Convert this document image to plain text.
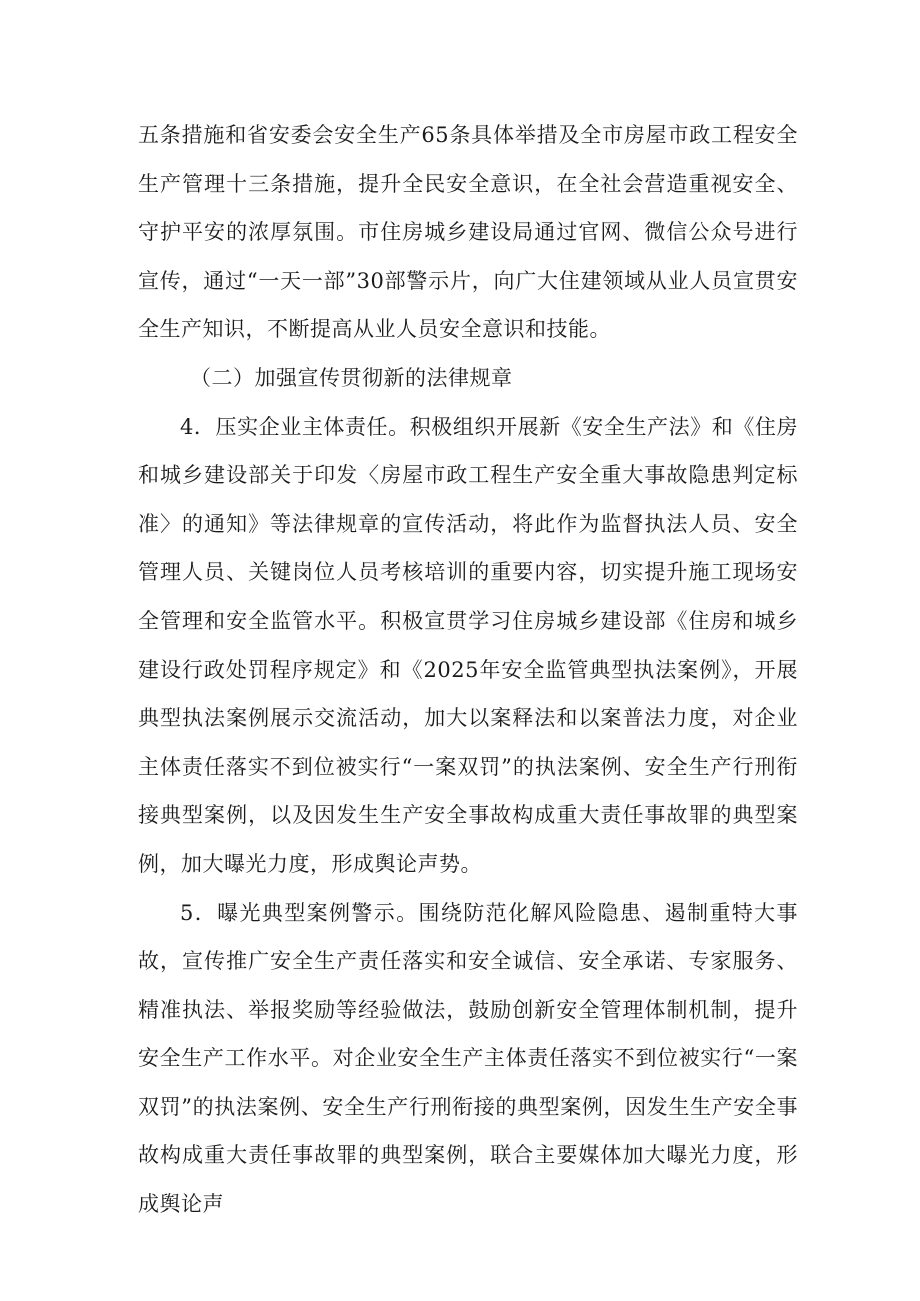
五条措施和省安委会安全生产65条具体举措及全市房屋市政工程安全生产管理十三条措施，提升全民安全意识，在全社会营造重视安全、守护平安的浓厚氛围。市住房城乡建设局通过官网、微信公众号进行宣传，通过“一天一部”30部警示片，向广大住建领域从业人员宣贯安全生产知识，不断提高从业人员安全意识和技能。

（二）加强宣传贯彻新的法律规章

4．压实企业主体责任。积极组织开展新《安全生产法》和《住房和城乡建设部关于印发〈房屋市政工程生产安全重大事故隐患判定标准〉的通知》等法律规章的宣传活动，将此作为监督执法人员、安全管理人员、关键岗位人员考核培训的重要内容，切实提升施工现场安全管理和安全监管水平。积极宣贯学习住房城乡建设部《住房和城乡建设行政处罚程序规定》和《2025年安全监管典型执法案例》，开展典型执法案例展示交流活动，加大以案释法和以案普法力度，对企业主体责任落实不到位被实行“一案双罚”的执法案例、安全生产行刑衔接典型案例，以及因发生生产安全事故构成重大责任事故罪的典型案例，加大曝光力度，形成舆论声势。

5．曝光典型案例警示。围绕防范化解风险隐患、遏制重特大事故，宣传推广安全生产责任落实和安全诚信、安全承诺、专家服务、精准执法、举报奖励等经验做法，鼓励创新安全管理体制机制，提升安全生产工作水平。对企业安全生产主体责任落实不到位被实行“一案双罚”的执法案例、安全生产行刑衔接的典型案例，因发生生产安全事故构成重大责任事故罪的典型案例，联合主要媒体加大曝光力度，形成舆论声
